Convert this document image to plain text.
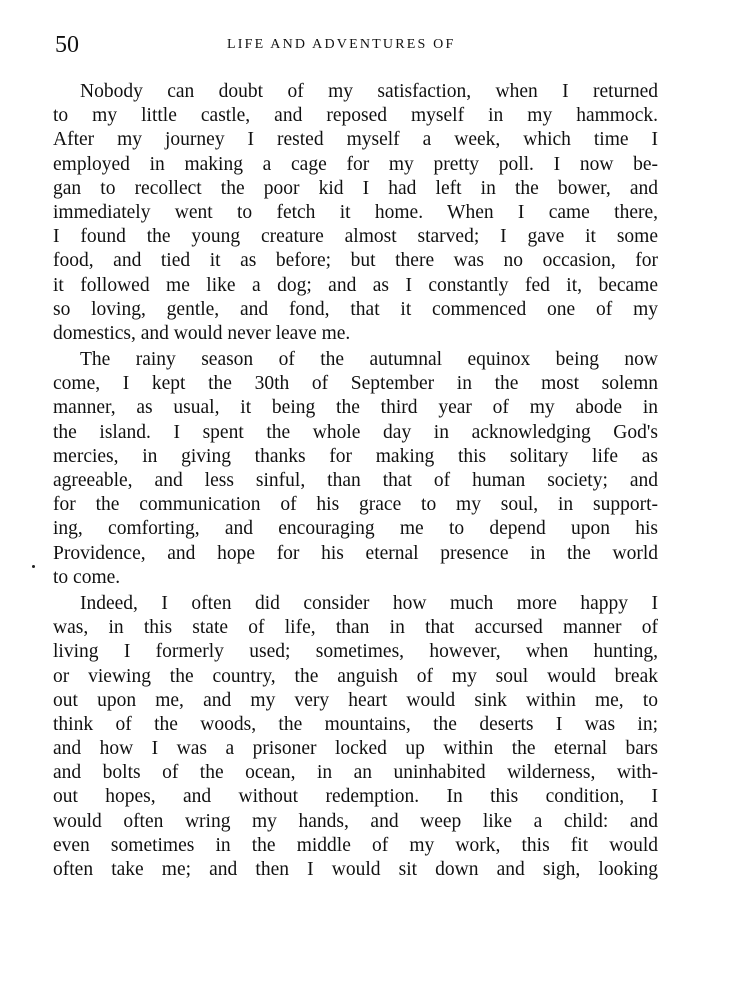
50	LIFE AND ADVENTURES OF
Nobody can doubt of my satisfaction, when I returned
to my little castle, and reposed myself in my hammock.
After my journey I rested myself a week, which time I
employed in making a cage for my pretty poll. I now be-
gan to recollect the poor kid I had left in the bower, and
immediately went to fetch it home. When I came there,
I found the young creature almost starved; I gave it some
food, and tied it as before; but there was no occasion, for
it followed me like a dog; and as I constantly fed it, became
so loving, gentle, and fond, that it commenced one of my
domestics, and would never leave me.
The rainy season of the autumnal equinox being now
come, I kept the 30th of September in the most solemn
manner, as usual, it being the third year of my abode in
the island. I spent the whole day in acknowledging God's
mercies, in giving thanks for making this solitary life as
agreeable, and less sinful, than that of human society; and
for the communication of his grace to my soul, in support-
ing, comforting, and encouraging me to depend upon his
Providence, and hope for his eternal presence in the world
to come.
Indeed, I often did consider how much more happy I
was, in this state of life, than in that accursed manner of
living I formerly used; sometimes, however, when hunting,
or viewing the country, the anguish of my soul would break
out upon me, and my very heart would sink within me, to
think of the woods, the mountains, the deserts I was in;
and how I was a prisoner locked up within the eternal bars
and bolts of the ocean, in an uninhabited wilderness, with-
out hopes, and without redemption. In this condition, I
would often wring my hands, and weep like a child: and
even sometimes in the middle of my work, this fit would
often take me; and then I would sit down and sigh, looking
